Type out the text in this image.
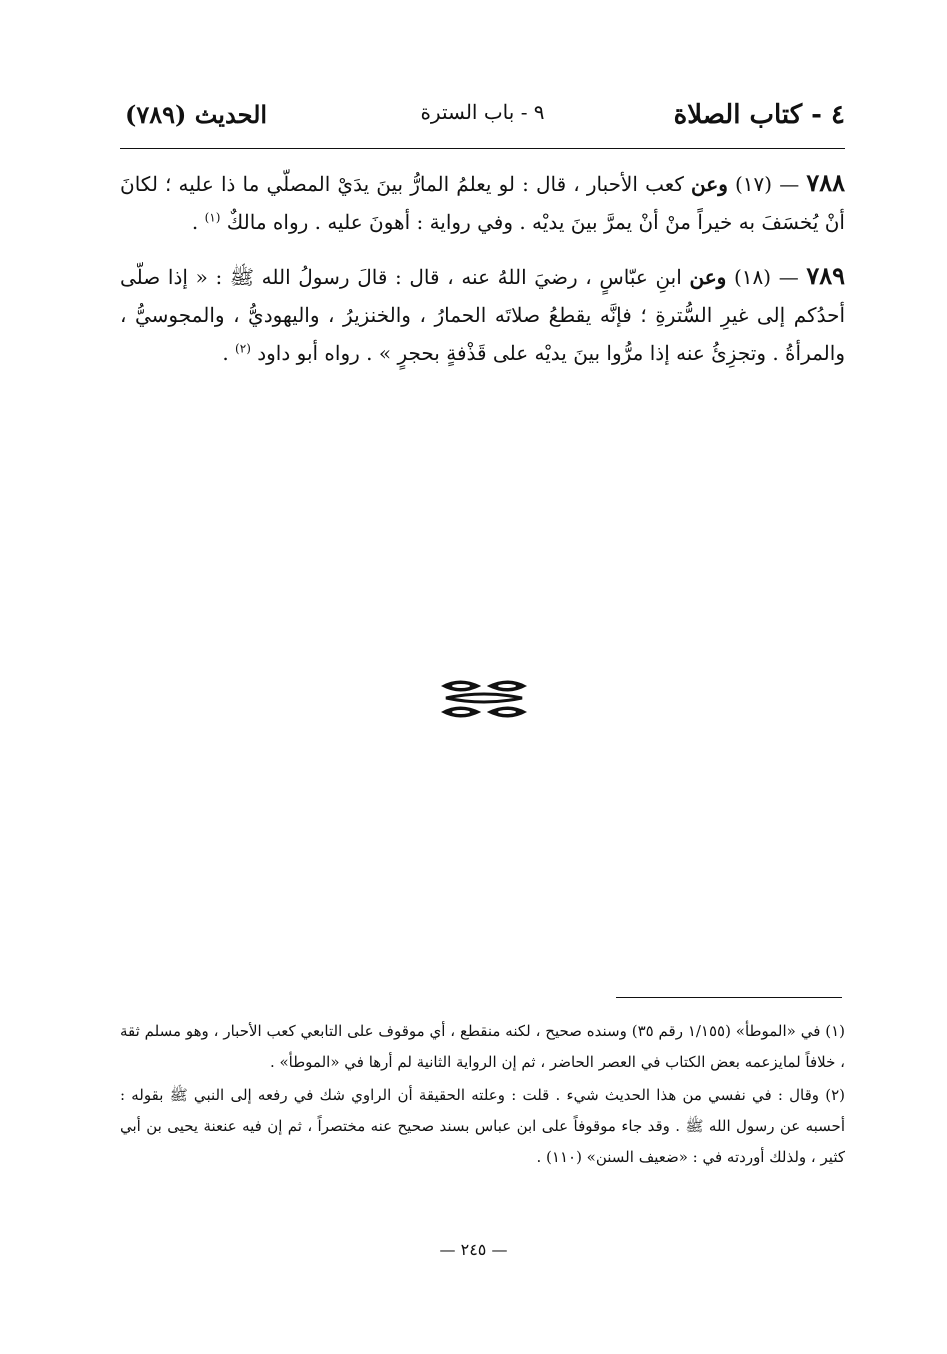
٤ - كتاب الصلاة
٩ - باب السترة
الحديث (٧٨٩)

٧٨٨ — (١٧) وعن كعب الأحبار ، قال : لو يعلمُ المارُّ بينَ يدَيْ المصلّي ما ذا عليه ؛ لكانَ أنْ يُخسَفَ به خيراً منْ أنْ يمرَّ بينَ يديْه . وفي رواية : أهونَ عليه . رواه مالكٌ $^{(١)}$ .

٧٨٩ — (١٨) وعن ابنِ عبّاسٍ ، رضيَ اللهُ عنه ، قال : قالَ رسولُ الله ﷺ : « إذا صلّى أحدُكم إلى غيرِ السُّترةِ ؛ فإنَّه يقطعُ صلاتَه الحمارُ ، والخنزيرُ ، واليهوديُّ ، والمجوسيُّ ، والمرأةُ . وتجزِئُ عنه إذا مرُّوا بينَ يديْه على قَذْفةٍ بحجرٍ » . رواه أبو داود $^{(٢)}$ .

(١) في «الموطأ» (١/١٥٥ رقم ٣٥) وسنده صحيح ، لكنه منقطع ، أي موقوف على التابعي كعب الأحبار ، وهو مسلم ثقة ، خلافاً لمايزعمه بعض الكتاب في العصر الحاضر ، ثم إن الرواية الثانية لم أرها في «الموطأ» .

(٢) وقال : في نفسي من هذا الحديث شيء . قلت : وعلته الحقيقة أن الراوي شك في رفعه إلى النبي ﷺ بقوله : أحسبه عن رسول الله ﷺ . وقد جاء موقوفاً على ابن عباس بسند صحيح عنه مختصراً ، ثم إن فيه عنعنة يحيى بن أبي كثير ، ولذلك أوردته في : «ضعيف السنن» (١١٠) .

— ٢٤٥ —
